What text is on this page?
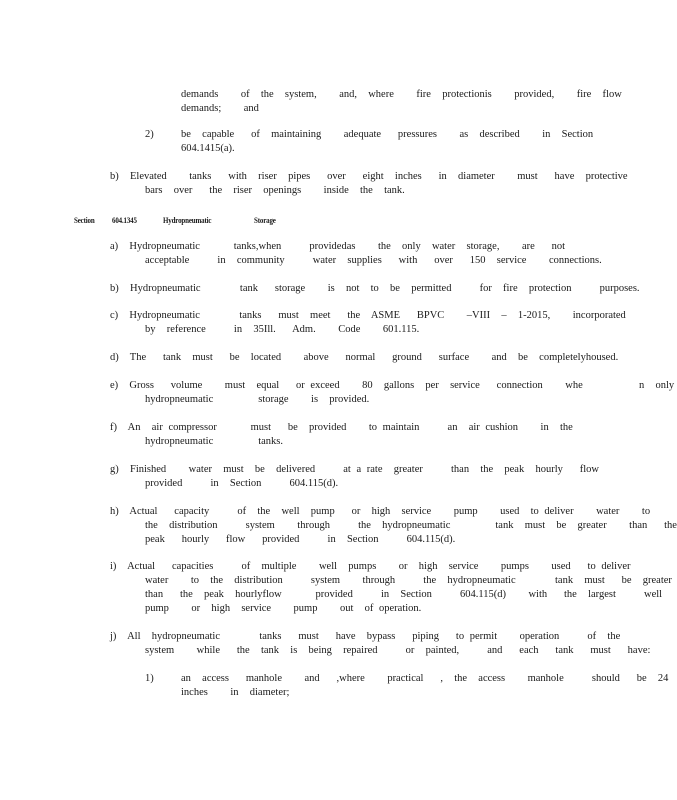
demands    of  the  system,    and,  where    fire  protectionis    provided,    fire  flow
demands;    and
2)	be  capable   of  maintaining    adequate   pressures    as  described    in  Section
604.1415(a).
b)  Elevated    tanks   with  riser  pipes   over   eight  inches   in  diameter    must   have  protective
bars  over   the  riser  openings    inside  the  tank.
Section 604.1345	Hydropneumatic	Storage
a)  Hydropneumatic      tanks,when     providedas    the  only  water  storage,    are   not
acceptable     in  community     water  supplies   with   over   150  service    connections.
b)  Hydropneumatic       tank   storage    is  not  to  be  permitted     for  fire  protection     purposes.
c)  Hydropneumatic       tanks   must  meet   the  ASME   BPVC    –VIII  –  1-2015,    incorporated
by  reference     in  35Ill.   Adm.    Code    601.115.
d)  The   tank  must   be  located    above   normal   ground   surface    and  be  completelyhoused.
e)  Gross   volume    must  equal   or exceed    80  gallons  per  service   connection    whe          n  only
hydropneumatic        storage    is  provided.
f)  An  air compressor      must   be  provided    to maintain     an  air cushion    in  the
hydropneumatic        tanks.
g)  Finished    water  must  be  delivered     at a rate  greater     than  the  peak  hourly   flow
provided     in  Section     604.115(d).
h)  Actual   capacity     of  the  well  pump   or  high  service    pump    used  to deliver    water    to
the  distribution     system    through     the  hydropneumatic        tank  must  be  greater    than   the
peak   hourly   flow   provided     in  Section     604.115(d).
i)  Actual   capacities     of  multiple    well  pumps    or  high  service    pumps    used   to deliver
water    to  the  distribution     system    through     the  hydropneumatic       tank  must   be  greater
than   the  peak  hourlyflow      provided     in  Section     604.115(d)    with   the  largest     well
pump    or  high  service    pump    out  of operation.
j)  All  hydropneumatic       tanks   must   have  bypass   piping   to permit    operation     of  the
system    while   the  tank  is  being  repaired     or  painted,     and   each   tank   must   have:
1)	an  access   manhole    and   ,where    practical   ,  the  access    manhole     should   be  24
inches    in  diameter;
